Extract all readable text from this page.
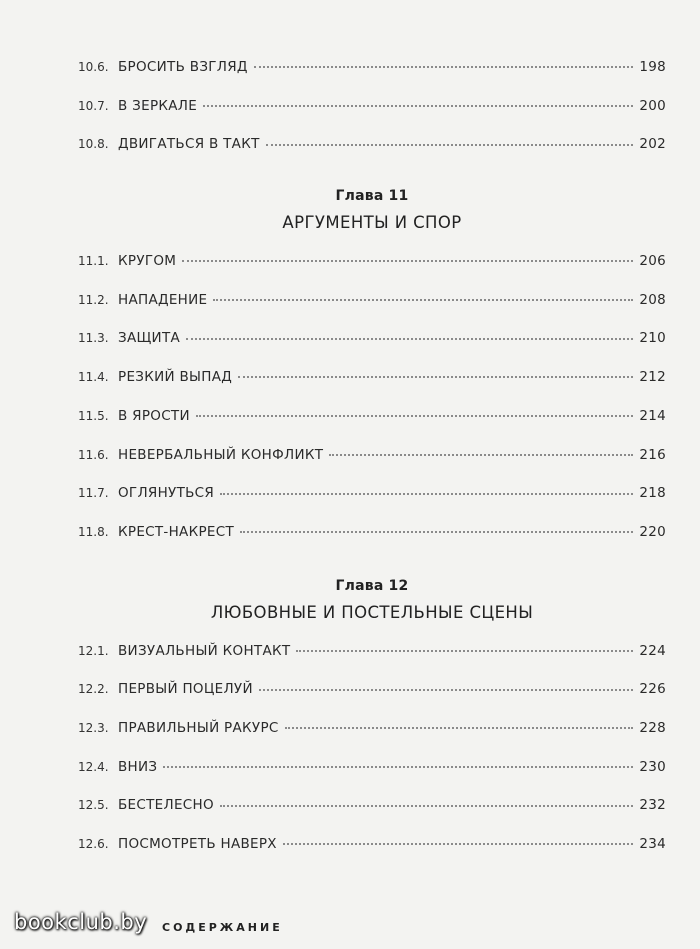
10.6. БРОСИТЬ ВЗГЛЯД	198
10.7. В ЗЕРКАЛЕ	200
10.8. ДВИГАТЬСЯ В ТАКТ	202
Глава 11
АРГУМЕНТЫ И СПОР
11.1. КРУГОМ	206
11.2. НАПАДЕНИЕ	208
11.3. ЗАЩИТА	210
11.4. РЕЗКИЙ ВЫПАД	212
11.5. В ЯРОСТИ	214
11.6. НЕВЕРБАЛЬНЫЙ КОНФЛИКТ	216
11.7. ОГЛЯНУТЬСЯ	218
11.8. КРЕСТ-НАКРЕСТ	220
Глава 12
ЛЮБОВНЫЕ И ПОСТЕЛЬНЫЕ СЦЕНЫ
12.1. ВИЗУАЛЬНЫЙ КОНТАКТ	224
12.2. ПЕРВЫЙ ПОЦЕЛУЙ	226
12.3. ПРАВИЛЬНЫЙ РАКУРС	228
12.4. ВНИЗ	230
12.5. БЕСТЕЛЕСНО	232
12.6. ПОСМОТРЕТЬ НАВЕРХ	234
bookclub.by СОДЕРЖАНИЕ
